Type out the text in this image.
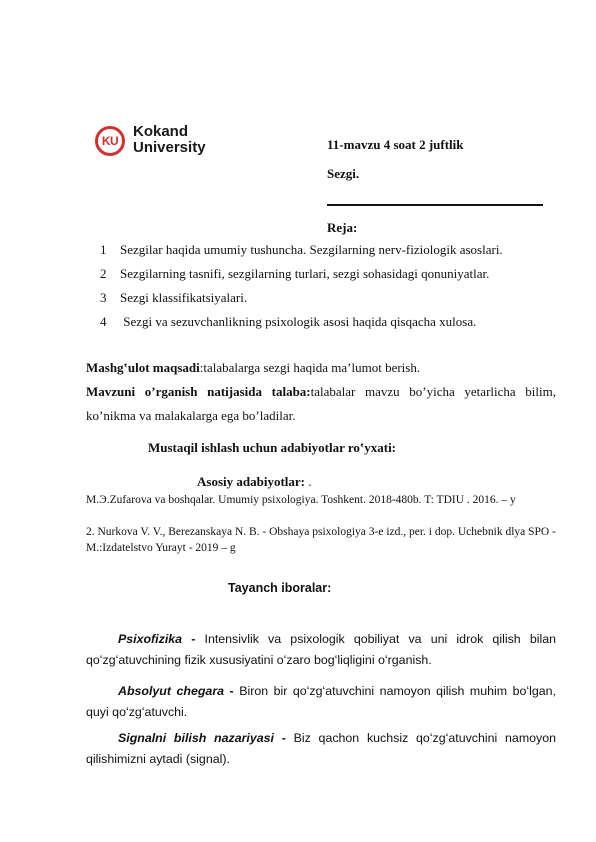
KU
Kokand
University	11-mavzu 4 soat 2 juftlik
Sezgi.
Reja:
1 Sezgilar haqida umumiy tushuncha. Sezgilarning nerv-fiziologik asoslari.
2 Sezgilarning tasnifi, sezgilarning turlari, sezgi sohasidagi qonuniyatlar.
3 Sezgi klassifikatsiyalari.
4 Sezgi va sezuvchanlikning psixologik asosi haqida qisqacha xulosa.
Mashgʽulot maqsadi:talabalarga sezgi haqida ma’lumot berish.
Mavzuni o’rganish natijasida talaba:talabalar mavzu bo’yicha yetarlicha bilim, ko’nikma va malakalarga ega bo’ladilar.
Mustaqil ishlash uchun adabiyotlar roʽyxati:
Asosiy adabiyotlar: .
M.Э.Zufarova va boshqalar. Umumiy psixologiya. Toshkent. 2018-480b. T: TDIU . 2016. – y
2. Nurkova V. V., Berezanskaya N. B. - Obshaya psixologiya 3-e izd., per. i dop. Uchebnik dlya SPO - M.:Izdatelstvo Yurayt - 2019 – g
Tayanch iboralar:
Psixofizika - Intensivlik va psixologik qobiliyat va uni idrok qilish bilan qoʻzgʻatuvchining fizik xususiyatini oʻzaro bogʻliqligini oʻrganish.
Absolyut chegara - Biron bir qoʻzgʻatuvchini namoyon qilish muhim boʻlgan, quyi qoʻzgʻatuvchi.
Signalni bilish nazariyasi - Biz qachon kuchsiz qoʻzgʻatuvchini namoyon qilishimizni aytadi (signal).
